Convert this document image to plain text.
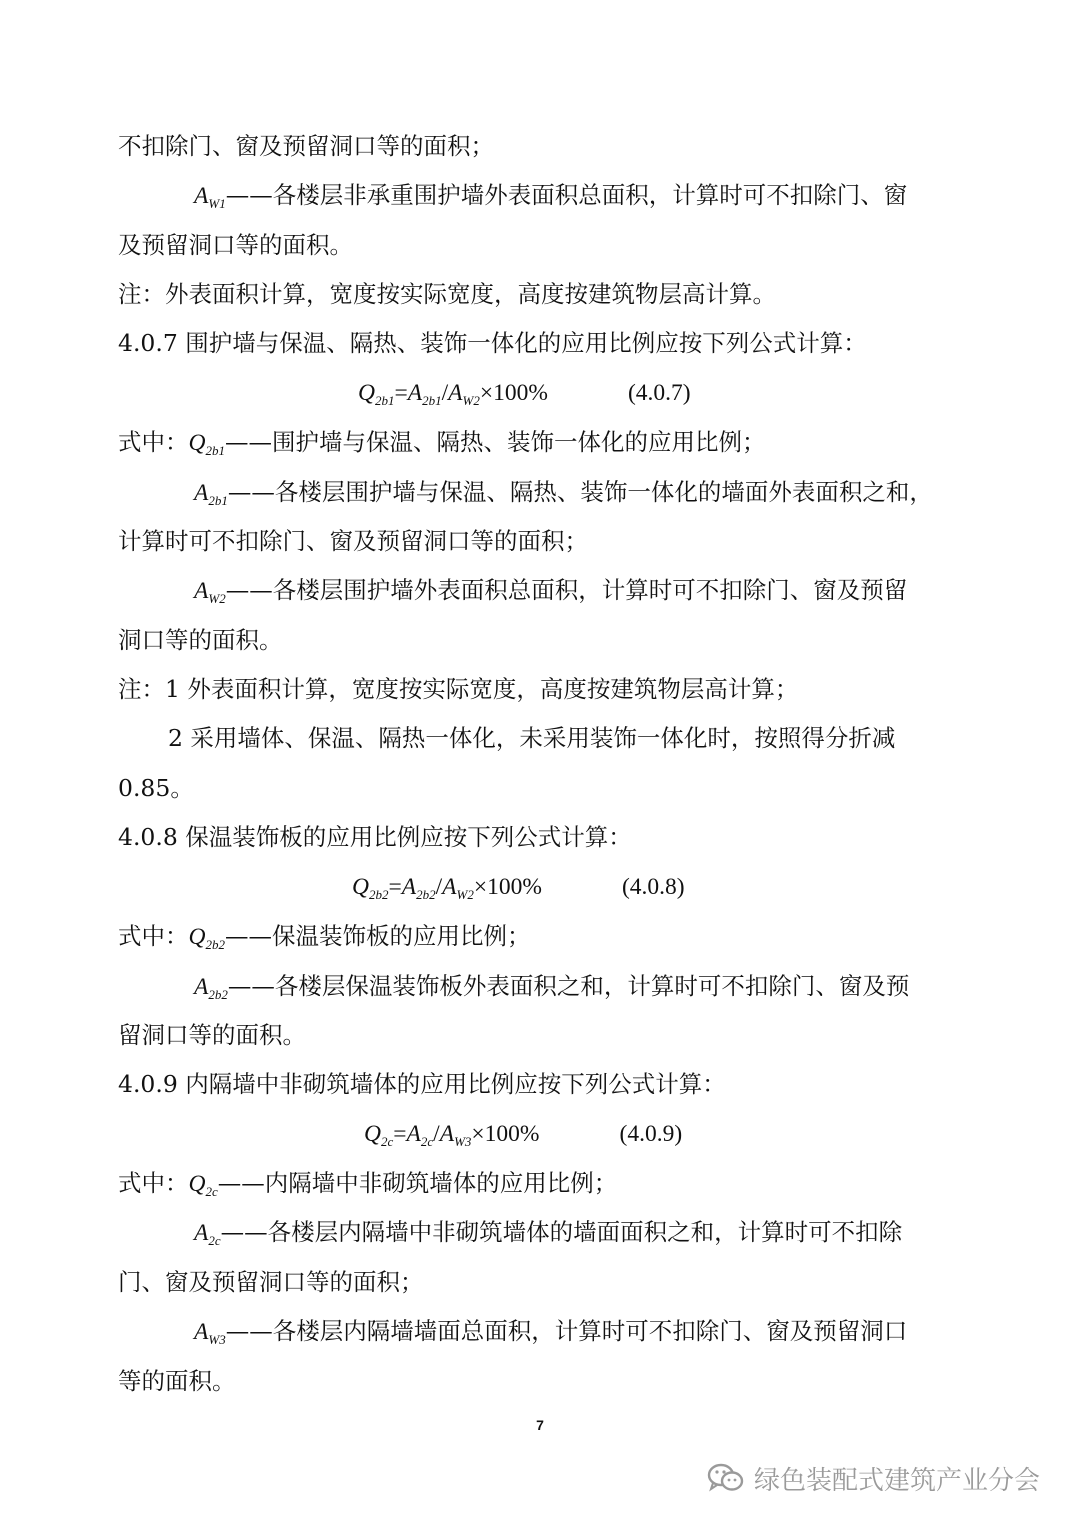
不扣除门、窗及预留洞口等的面积；
$A_{W1}——$各楼层非承重围护墙外表面积总面积，计算时可不扣除门、窗
及预留洞口等的面积。
注：外表面积计算，宽度按实际宽度，高度按建筑物层高计算。
4.0.7 围护墙与保温、隔热、装饰一体化的应用比例应按下列公式计算：
$Q_{2b1}=A_{2b1}/A_{W2}\times 100\%$	(4.0.7)
式中：$Q_{2b1}——$围护墙与保温、隔热、装饰一体化的应用比例；
$A_{2b1}——$各楼层围护墙与保温、隔热、装饰一体化的墙面外表面积之和，
计算时可不扣除门、窗及预留洞口等的面积；
$A_{W2}——$各楼层围护墙外表面积总面积，计算时可不扣除门、窗及预留
洞口等的面积。
注：1 外表面积计算，宽度按实际宽度，高度按建筑物层高计算；
2 采用墙体、保温、隔热一体化，未采用装饰一体化时，按照得分折减
0.85。
4.0.8 保温装饰板的应用比例应按下列公式计算：
$Q_{2b2}=A_{2b2}/A_{W2}\times 100\%$	(4.0.8)
式中：$Q_{2b2}——$保温装饰板的应用比例；
$A_{2b2}——$各楼层保温装饰板外表面积之和，计算时可不扣除门、窗及预
留洞口等的面积。
4.0.9 内隔墙中非砌筑墙体的应用比例应按下列公式计算：
$Q_{2c}=A_{2c}/A_{W3}\times 100\%$	(4.0.9)
式中：$Q_{2c}——$内隔墙中非砌筑墙体的应用比例；
$A_{2c}——$各楼层内隔墙中非砌筑墙体的墙面面积之和，计算时可不扣除
门、窗及预留洞口等的面积；
$A_{W3}——$各楼层内隔墙墙面总面积，计算时可不扣除门、窗及预留洞口
等的面积。
7
绿色装配式建筑产业分会
